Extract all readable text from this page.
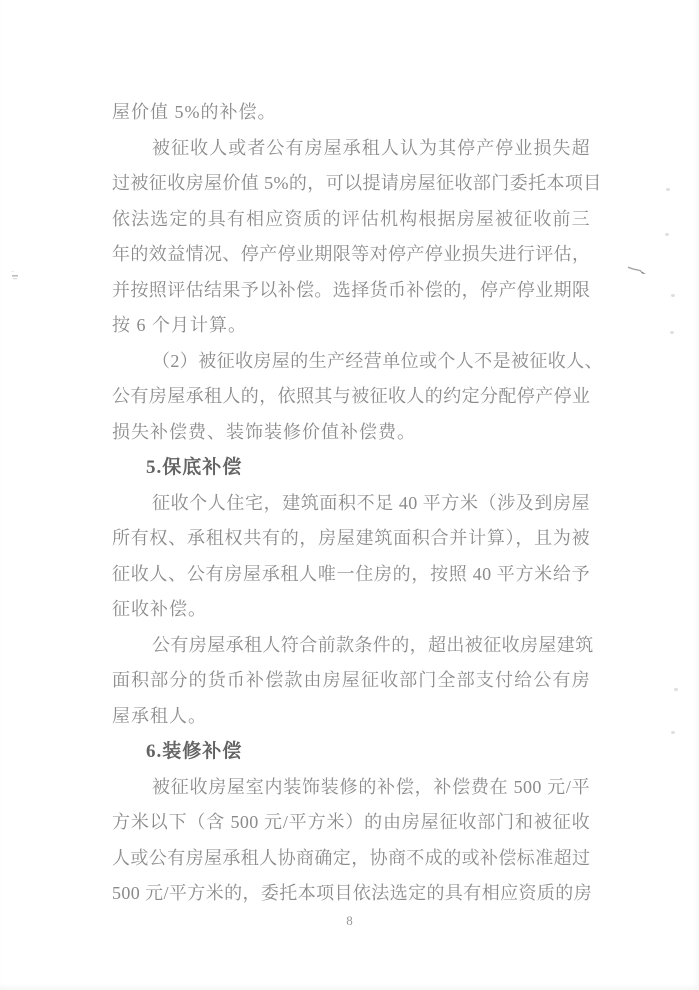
屋价值 5%的补偿。
被征收人或者公有房屋承租人认为其停产停业损失超
过被征收房屋价值 5%的，可以提请房屋征收部门委托本项目
依法选定的具有相应资质的评估机构根据房屋被征收前三
年的效益情况、停产停业期限等对停产停业损失进行评估，
并按照评估结果予以补偿。选择货币补偿的，停产停业期限
按 6 个月计算。
（2）被征收房屋的生产经营单位或个人不是被征收人、
公有房屋承租人的，依照其与被征收人的约定分配停产停业
损失补偿费、装饰装修价值补偿费。
5.保底补偿
征收个人住宅，建筑面积不足 40 平方米（涉及到房屋
所有权、承租权共有的，房屋建筑面积合并计算），且为被
征收人、公有房屋承租人唯一住房的，按照 40 平方米给予
征收补偿。
公有房屋承租人符合前款条件的，超出被征收房屋建筑
面积部分的货币补偿款由房屋征收部门全部支付给公有房
屋承租人。
6.装修补偿
被征收房屋室内装饰装修的补偿，补偿费在 500 元/平
方米以下（含 500 元/平方米）的由房屋征收部门和被征收
人或公有房屋承租人协商确定，协商不成的或补偿标准超过
500 元/平方米的，委托本项目依法选定的具有相应资质的房
8
